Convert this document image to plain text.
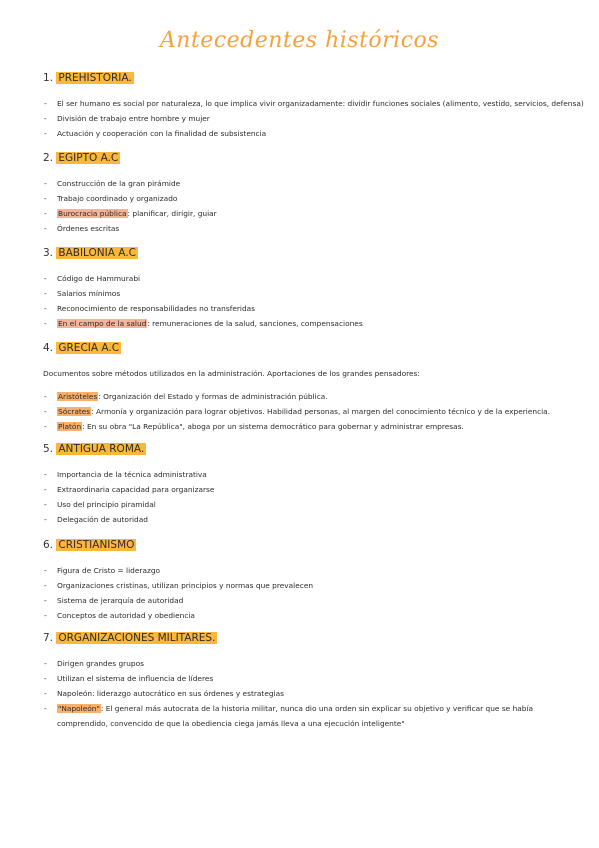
Antecedentes históricos
1. PREHISTORIA.
- El ser humano es social por naturaleza, lo que implica vivir organizadamente: dividir funciones sociales (alimento, vestido, servicios, defensa)
- División de trabajo entre hombre y mujer
- Actuación y cooperación con la finalidad de subsistencia
2. EGIPTO A.C
- Construcción de la gran pirámide
- Trabajo coordinado y organizado
- Burocracia pública: planificar, dirigir, guiar
- Órdenes escritas
3. BABILONIA A.C
- Código de Hammurabi
- Salarios mínimos
- Reconocimiento de responsabilidades no transferidas
- En el campo de la salud: remuneraciones de la salud, sanciones, compensaciones
4. GRECIA A.C
Documentos sobre métodos utilizados en la administración. Aportaciones de los grandes pensadores:
- Aristóteles: Organización del Estado y formas de administración pública.
- Sócrates: Armonía y organización para lograr objetivos. Habilidad personas, al margen del conocimiento técnico y de la experiencia.
- Platón: En su obra "La República", aboga por un sistema democrático para gobernar y administrar empresas.
5. ANTIGUA ROMA.
- Importancia de la técnica administrativa
- Extraordinaria capacidad para organizarse
- Uso del principio piramidal
- Delegación de autoridad
6. CRISTIANISMO
- Figura de Cristo = liderazgo
- Organizaciones cristinas, utilizan principios y normas que prevalecen
- Sistema de jerarquía de autoridad
- Conceptos de autoridad y obediencia
7. ORGANIZACIONES MILITARES.
- Dirigen grandes grupos
- Utilizan el sistema de influencia de líderes
- Napoleón: liderazgo autocrático en sus órdenes y estrategias
- "Napoleón": El general más autocrata de la historia militar, nunca dio una orden sin explicar su objetivo y verificar que se había comprendido, convencido de que la obediencia ciega jamás lleva a una ejecución inteligente"
